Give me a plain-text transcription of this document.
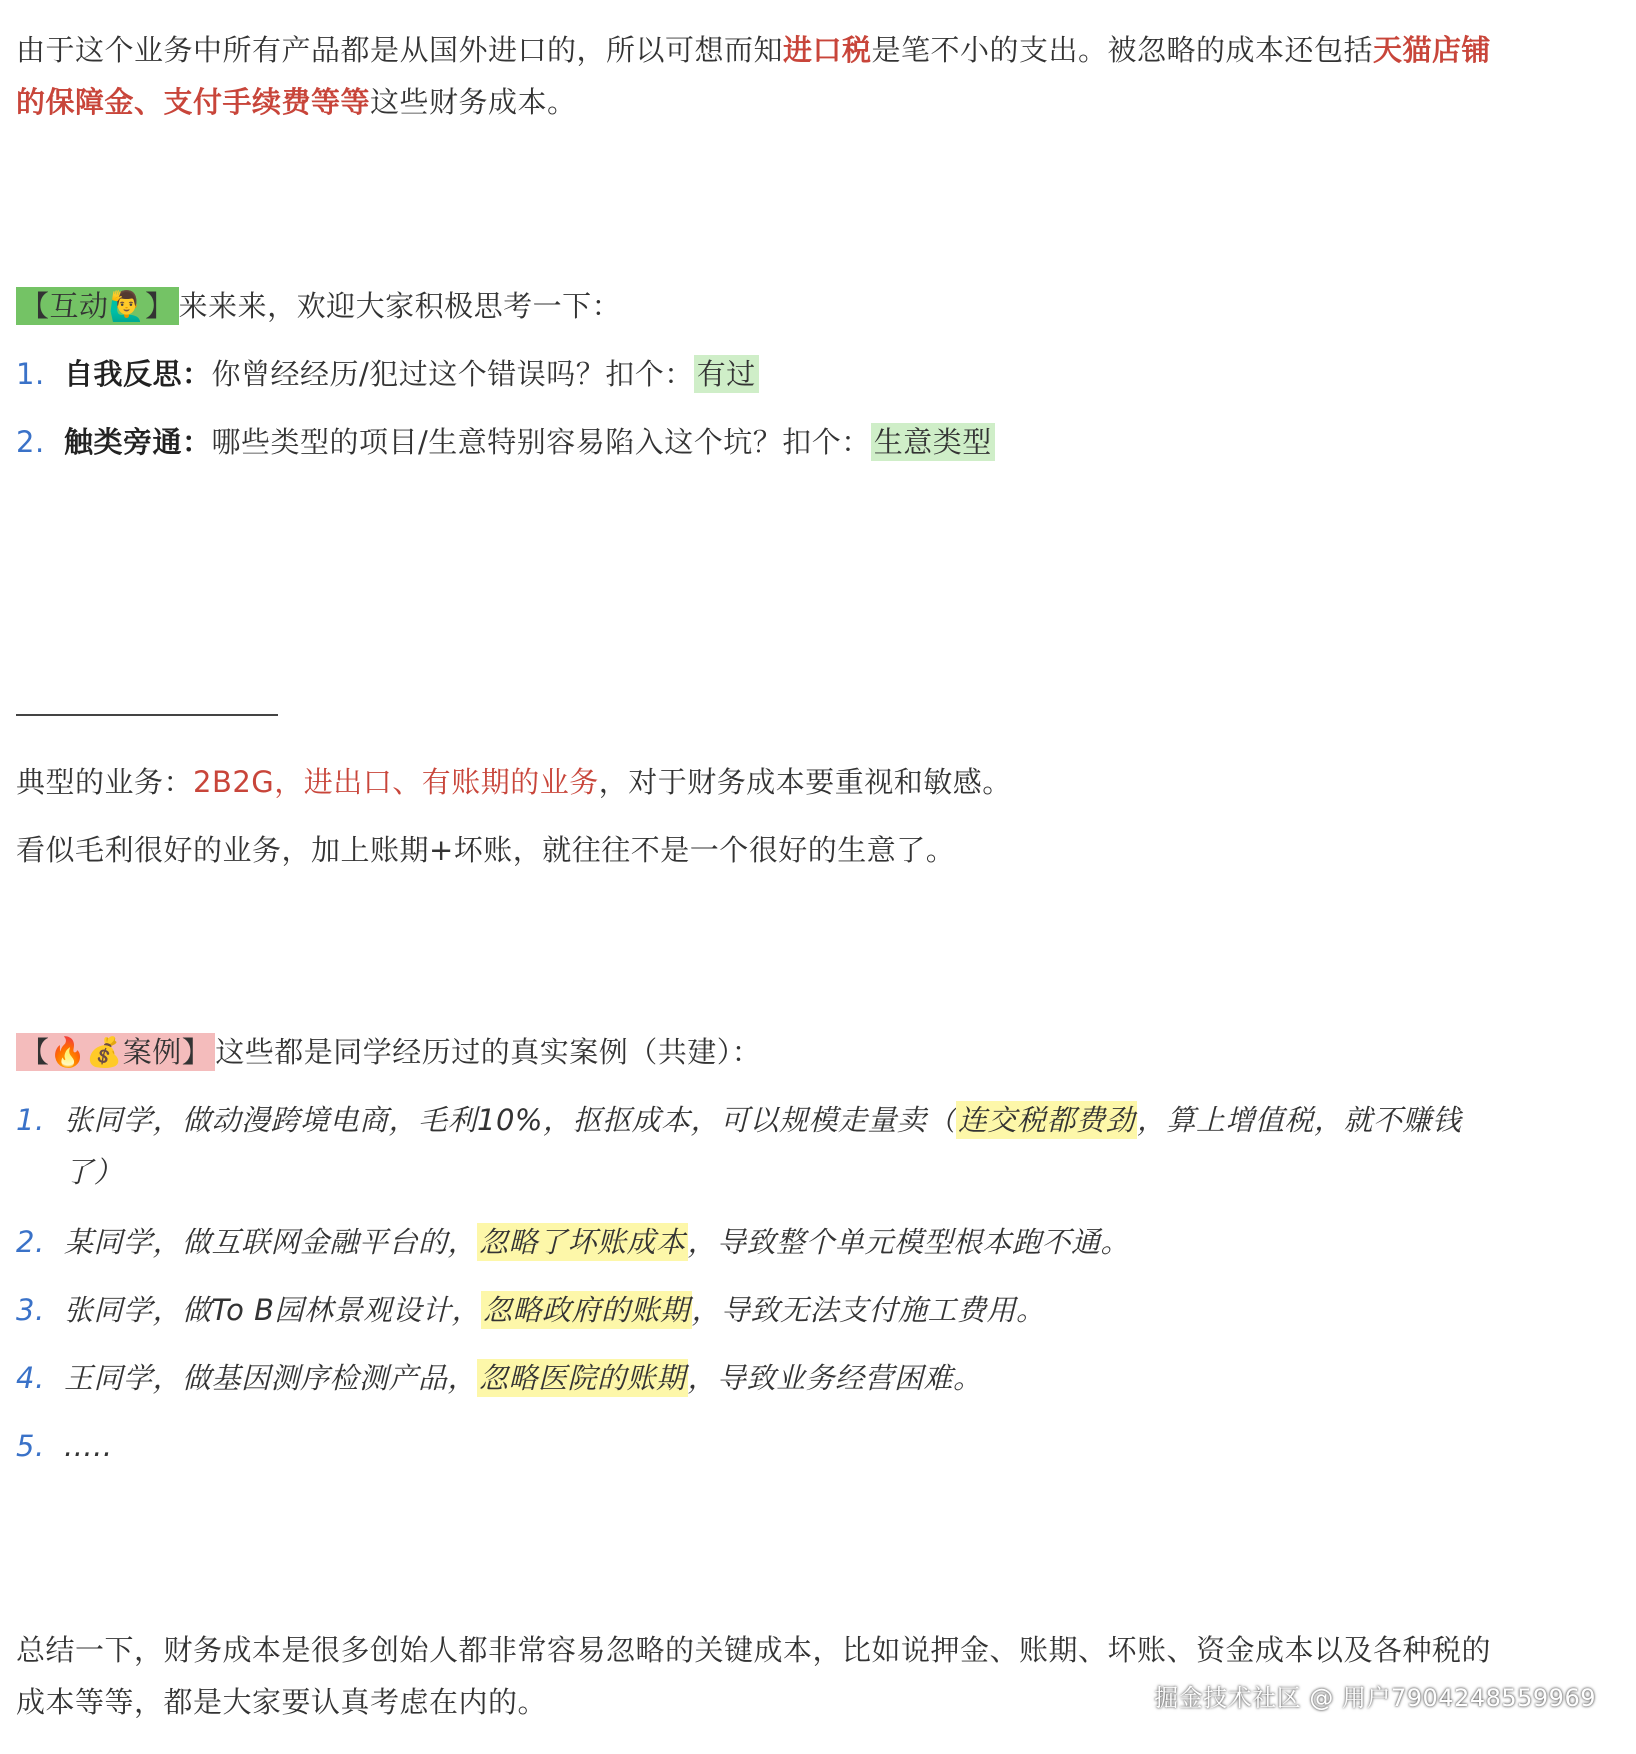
由于这个业务中所有产品都是从国外进口的，所以可想而知进口税是笔不小的支出。被忽略的成本还包括天猫店铺

的保障金、支付手续费等等这些财务成本。

【互动🙋‍♂️】 来来来，欢迎大家积极思考一下：

1. 自我反思：你曾经经历/犯过这个错误吗？扣个： 有过

2. 触类旁通：哪些类型的项目/生意特别容易陷入这个坑？扣个： 生意类型

典型的业务：2B2G，进出口、有账期的业务，对于财务成本要重视和敏感。

看似毛利很好的业务，加上账期+坏账，就往往不是一个很好的生意了。

【🔥💰案例】 这些都是同学经历过的真实案例（共建）：

1. 张同学，做动漫跨境电商，毛利10%，抠抠成本，可以规模走量卖（连交税都费劲，算上增值税，就不赚钱

了）

2. 某同学，做互联网金融平台的，忽略了坏账成本，导致整个单元模型根本跑不通。

3. 张同学，做To B园林景观设计，忽略政府的账期，导致无法支付施工费用。

4. 王同学，做基因测序检测产品，忽略医院的账期，导致业务经营困难。

5. .....

总结一下，财务成本是很多创始人都非常容易忽略的关键成本，比如说押金、账期、坏账、资金成本以及各种税的

成本等等，都是大家要认真考虑在内的。	掘金技术社区 @ 用户7904248559969
